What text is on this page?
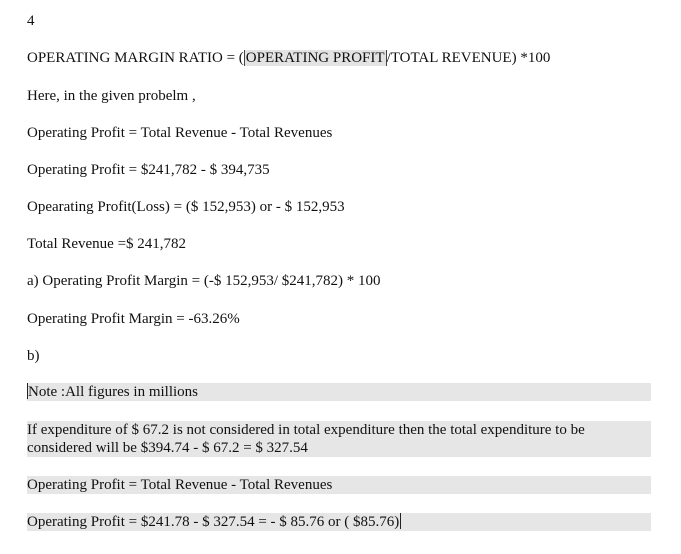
4
OPERATING MARGIN RATIO = ( OPERATING PROFIT /TOTAL REVENUE) *100
Here, in the given probelm ,
Operating Profit = Total Revenue - Total Revenues
Operating Profit = $241,782 - $ 394,735
Opearating Profit(Loss) = ($ 152,953) or - $ 152,953
Total Revenue =$ 241,782
a) Operating Profit Margin = (-$ 152,953/ $241,782) * 100
Operating Profit Margin = -63.26%
b)
Note :All figures in millions
If expenditure of $ 67.2 is not considered in total expenditure then the total expenditure to be considered will be $394.74 - $ 67.2 = $ 327.54
Operating Profit = Total Revenue - Total Revenues
Operating Profit = $241.78 - $ 327.54 = - $ 85.76 or ( $85.76)
